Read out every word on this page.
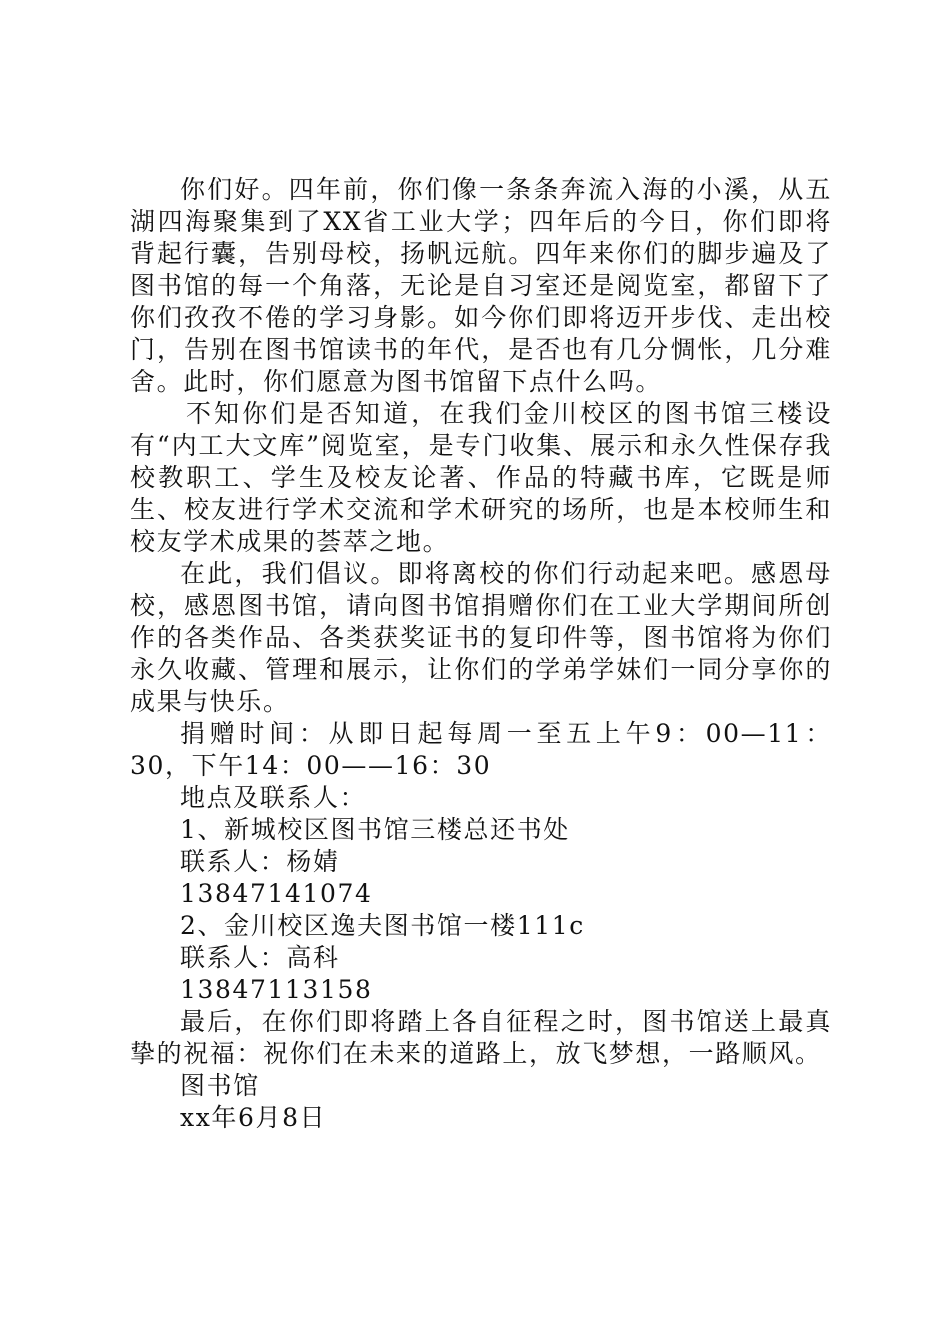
你们好。四年前，你们像一条条奔流入海的小溪，从五湖四海聚集到了XX省工业大学；四年后的今日，你们即将背起行囊，告别母校，扬帆远航。四年来你们的脚步遍及了图书馆的每一个角落，无论是自习室还是阅览室，都留下了你们孜孜不倦的学习身影。如今你们即将迈开步伐、走出校门，告别在图书馆读书的年代，是否也有几分惆怅，几分难舍。此时，你们愿意为图书馆留下点什么吗。

不知你们是否知道，在我们金川校区的图书馆三楼设有“内工大文库”阅览室，是专门收集、展示和永久性保存我校教职工、学生及校友论著、作品的特藏书库，它既是师生、校友进行学术交流和学术研究的场所，也是本校师生和校友学术成果的荟萃之地。

在此，我们倡议。即将离校的你们行动起来吧。感恩母校，感恩图书馆，请向图书馆捐赠你们在工业大学期间所创作的各类作品、各类获奖证书的复印件等，图书馆将为你们永久收藏、管理和展示，让你们的学弟学妹们一同分享你的成果与快乐。

捐赠时间：从即日起每周一至五上午9：00—11：30，下午14：00——16：30

地点及联系人：

1、新城校区图书馆三楼总还书处

联系人：杨婧

13847141074

2、金川校区逸夫图书馆一楼111c

联系人：高科

13847113158

最后，在你们即将踏上各自征程之时，图书馆送上最真挚的祝福：祝你们在未来的道路上，放飞梦想，一路顺风。

图书馆

xx年6月8日
